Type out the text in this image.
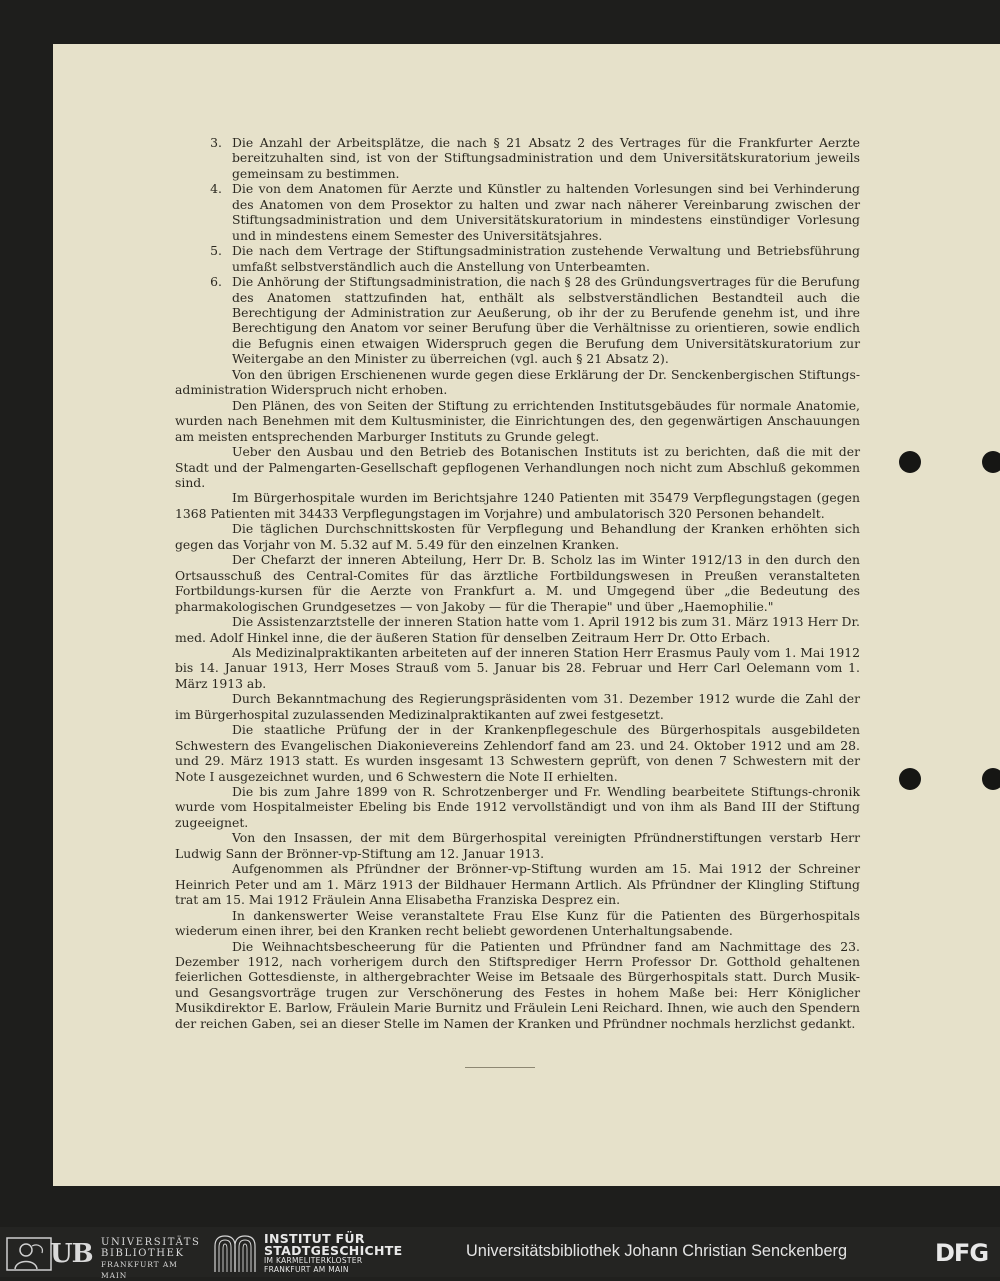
3. Die Anzahl der Arbeitsplätze, die nach § 21 Absatz 2 des Vertrages für die Frankfurter Aerzte bereitzuhalten sind, ist von der Stiftungsadministration und dem Universitätskuratorium jeweils gemeinsam zu bestimmen.

4. Die von dem Anatomen für Aerzte und Künstler zu haltenden Vorlesungen sind bei Verhinderung des Anatomen von dem Prosektor zu halten und zwar nach näherer Vereinbarung zwischen der Stiftungsadministration und dem Universitätskuratorium in mindestens einstündiger Vorlesung und in mindestens einem Semester des Universitätsjahres.

5. Die nach dem Vertrage der Stiftungsadministration zustehende Verwaltung und Betriebsführung umfaßt selbstverständlich auch die Anstellung von Unterbeamten.

6. Die Anhörung der Stiftungsadministration, die nach § 28 des Gründungsvertrages für die Berufung des Anatomen stattzufinden hat, enthält als selbstverständlichen Bestandteil auch die Berechtigung der Administration zur Aeußerung, ob ihr der zu Berufende genehm ist, und ihre Berechtigung den Anatom vor seiner Berufung über die Verhältnisse zu orientieren, sowie endlich die Befugnis einen etwaigen Widerspruch gegen die Berufung dem Universitätskuratorium zur Weitergabe an den Minister zu überreichen (vgl. auch § 21 Absatz 2).

Von den übrigen Erschienenen wurde gegen diese Erklärung der Dr. Senckenbergischen Stiftungs-administration Widerspruch nicht erhoben.

Den Plänen, des von Seiten der Stiftung zu errichtenden Institutsgebäudes für normale Anatomie, wurden nach Benehmen mit dem Kultusminister, die Einrichtungen des, den gegenwärtigen Anschauungen am meisten entsprechenden Marburger Instituts zu Grunde gelegt.

Ueber den Ausbau und den Betrieb des Botanischen Instituts ist zu berichten, daß die mit der Stadt und der Palmengarten-Gesellschaft gepflogenen Verhandlungen noch nicht zum Abschluß gekommen sind.

Im Bürgerhospitale wurden im Berichtsjahre 1240 Patienten mit 35479 Verpflegungstagen (gegen 1368 Patienten mit 34433 Verpflegungstagen im Vorjahre) und ambulatorisch 320 Personen behandelt.

Die täglichen Durchschnittskosten für Verpflegung und Behandlung der Kranken erhöhten sich gegen das Vorjahr von M. 5.32 auf M. 5.49 für den einzelnen Kranken.

Der Chefarzt der inneren Abteilung, Herr Dr. B. Scholz las im Winter 1912/13 in den durch den Ortsausschuß des Central-Comites für das ärztliche Fortbildungswesen in Preußen veranstalteten Fortbildungs-kursen für die Aerzte von Frankfurt a. M. und Umgegend über „die Bedeutung des pharmakologischen Grundgesetzes — von Jakoby — für die Therapie" und über „Haemophilie."

Die Assistenzarztstelle der inneren Station hatte vom 1. April 1912 bis zum 31. März 1913 Herr Dr. med. Adolf Hinkel inne, die der äußeren Station für denselben Zeitraum Herr Dr. Otto Erbach.

Als Medizinalpraktikanten arbeiteten auf der inneren Station Herr Erasmus Pauly vom 1. Mai 1912 bis 14. Januar 1913, Herr Moses Strauß vom 5. Januar bis 28. Februar und Herr Carl Oelemann vom 1. März 1913 ab.

Durch Bekanntmachung des Regierungspräsidenten vom 31. Dezember 1912 wurde die Zahl der im Bürgerhospital zuzulassenden Medizinalpraktikanten auf zwei festgesetzt.

Die staatliche Prüfung der in der Krankenpflegeschule des Bürgerhospitals ausgebildeten Schwestern des Evangelischen Diakonievereins Zehlendorf fand am 23. und 24. Oktober 1912 und am 28. und 29. März 1913 statt. Es wurden insgesamt 13 Schwestern geprüft, von denen 7 Schwestern mit der Note I ausgezeichnet wurden, und 6 Schwestern die Note II erhielten.

Die bis zum Jahre 1899 von R. Schrotzenberger und Fr. Wendling bearbeitete Stiftungs-chronik wurde vom Hospitalmeister Ebeling bis Ende 1912 vervollständigt und von ihm als Band III der Stiftung zugeeignet.

Von den Insassen, der mit dem Bürgerhospital vereinigten Pfründnerstiftungen verstarb Herr Ludwig Sann der Brönner-vp-Stiftung am 12. Januar 1913.

Aufgenommen als Pfründner der Brönner-vp-Stiftung wurden am 15. Mai 1912 der Schreiner Heinrich Peter und am 1. März 1913 der Bildhauer Hermann Artlich. Als Pfründner der Klingling Stiftung trat am 15. Mai 1912 Fräulein Anna Elisabetha Franziska Desprez ein.

In dankenswerter Weise veranstaltete Frau Else Kunz für die Patienten des Bürgerhospitals wiederum einen ihrer, bei den Kranken recht beliebt gewordenen Unterhaltungsabende.

Die Weihnachtsbescheerung für die Patienten und Pfründner fand am Nachmittage des 23. Dezember 1912, nach vorherigem durch den Stiftsprediger Herrn Professor Dr. Gotthold gehaltenen feierlichen Gottesdienste, in althergebrachter Weise im Betsaale des Bürgerhospitals statt. Durch Musik- und Gesangsvorträge trugen zur Verschönerung des Festes in hohem Maße bei: Herr Königlicher Musikdirektor E. Barlow, Fräulein Marie Burnitz und Fräulein Leni Reichard. Ihnen, wie auch den Spendern der reichen Gaben, sei an dieser Stelle im Namen der Kranken und Pfründner nochmals herzlichst gedankt.

UB UNIVERSITÄTS
BIBLIOTHEK
FRANKFURT AM MAIN
INSTITUT FÜR
STADTGESCHICHTE
IM KARMELITERKLOSTER
FRANKFURT AM MAIN
Universitätsbibliothek Johann Christian Senckenberg	DFG
